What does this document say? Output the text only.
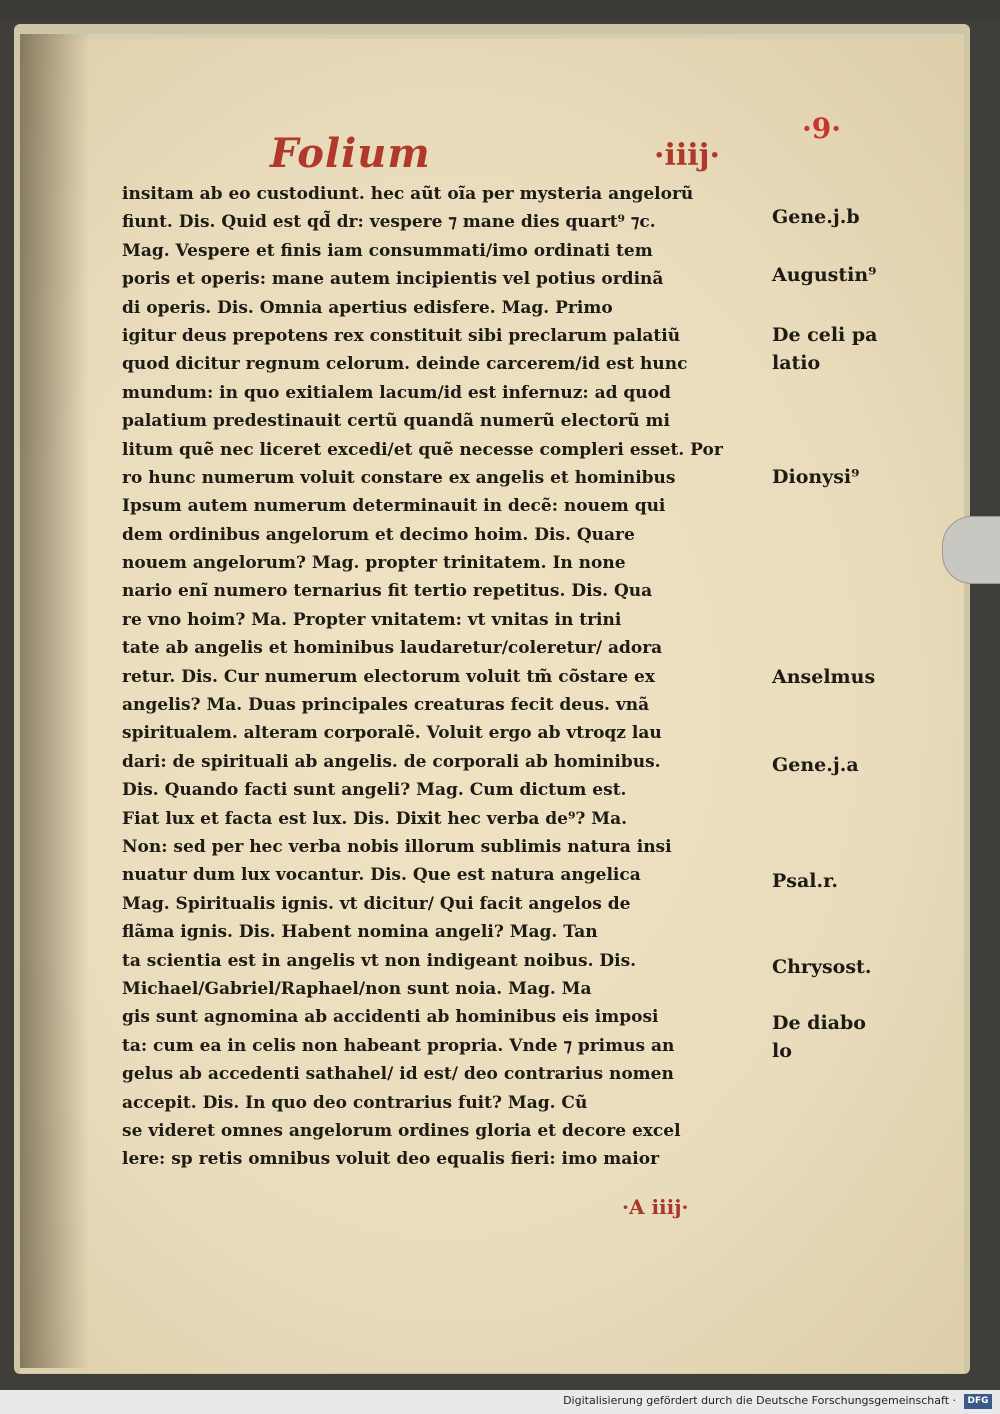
·9·
Folium	·iiij·
insitam ab eo custodiunt. hec aũt oĩa per mysteria angelorũ
fiunt. Dis. Quid est qd̃ dr: vespere ⁊ mane dies quart⁹ ⁊c.
Mag. Vespere et finis iam consummati/imo ordinati tem
poris et operis: mane autem incipientis vel potius ordinã
di operis. Dis. Omnia apertius edisfere. Mag. Primo
igitur deus prepotens rex constituit sibi preclarum palatiũ
quod dicitur regnum celorum. deinde carcerem/id est hunc
mundum: in quo exitialem lacum/id est infernuz: ad quod
palatium predestinauit certũ quandã numerũ electorũ mi
litum quẽ nec liceret excedi/et quẽ necesse compleri esset. Por
ro hunc numerum voluit constare ex angelis et hominibus
Ipsum autem numerum determinauit in decẽ: nouem qui
dem ordinibus angelorum et decimo hoim. Dis. Quare
nouem angelorum? Mag. propter trinitatem. In none
nario enĩ numero ternarius fit tertio repetitus. Dis. Qua
re vno hoim? Ma. Propter vnitatem: vt vnitas in trini
tate ab angelis et hominibus laudaretur/coleretur/ adora
retur. Dis. Cur numerum electorum voluit tm̃ cõstare ex
angelis? Ma. Duas principales creaturas fecit deus. vnã
spiritualem. alteram corporalẽ. Voluit ergo ab vtroqz lau
dari: de spirituali ab angelis. de corporali ab hominibus.
Dis. Quando facti sunt angeli? Mag. Cum dictum est.
Fiat lux et facta est lux. Dis. Dixit hec verba de⁹? Ma.
Non: sed per hec verba nobis illorum sublimis natura insi
nuatur dum lux vocantur. Dis. Que est natura angelica
Mag. Spiritualis ignis. vt dicitur/ Qui facit angelos de
flãma ignis. Dis. Habent nomina angeli? Mag. Tan
ta scientia est in angelis vt non indigeant noibus. Dis.
Michael/Gabriel/Raphael/non sunt noia. Mag. Ma
gis sunt agnomina ab accidenti ab hominibus eis imposi
ta: cum ea in celis non habeant propria. Vnde ⁊ primus an
gelus ab accedenti sathahel/ id est/ deo contrarius nomen
accepit. Dis. In quo deo contrarius fuit? Mag. Cũ
se videret omnes angelorum ordines gloria et decore excel
lere: sp retis omnibus voluit deo equalis fieri: imo maior
Gene.j.b
Augustin⁹
De celi pa
latio
Dionysi⁹
Anselmus
Gene.j.a
Psal.r.
Chrysost.
De diabo
lo
·A iiij·
Digitalisierung gefördert durch die Deutsche Forschungsgemeinschaft ·	DFG
